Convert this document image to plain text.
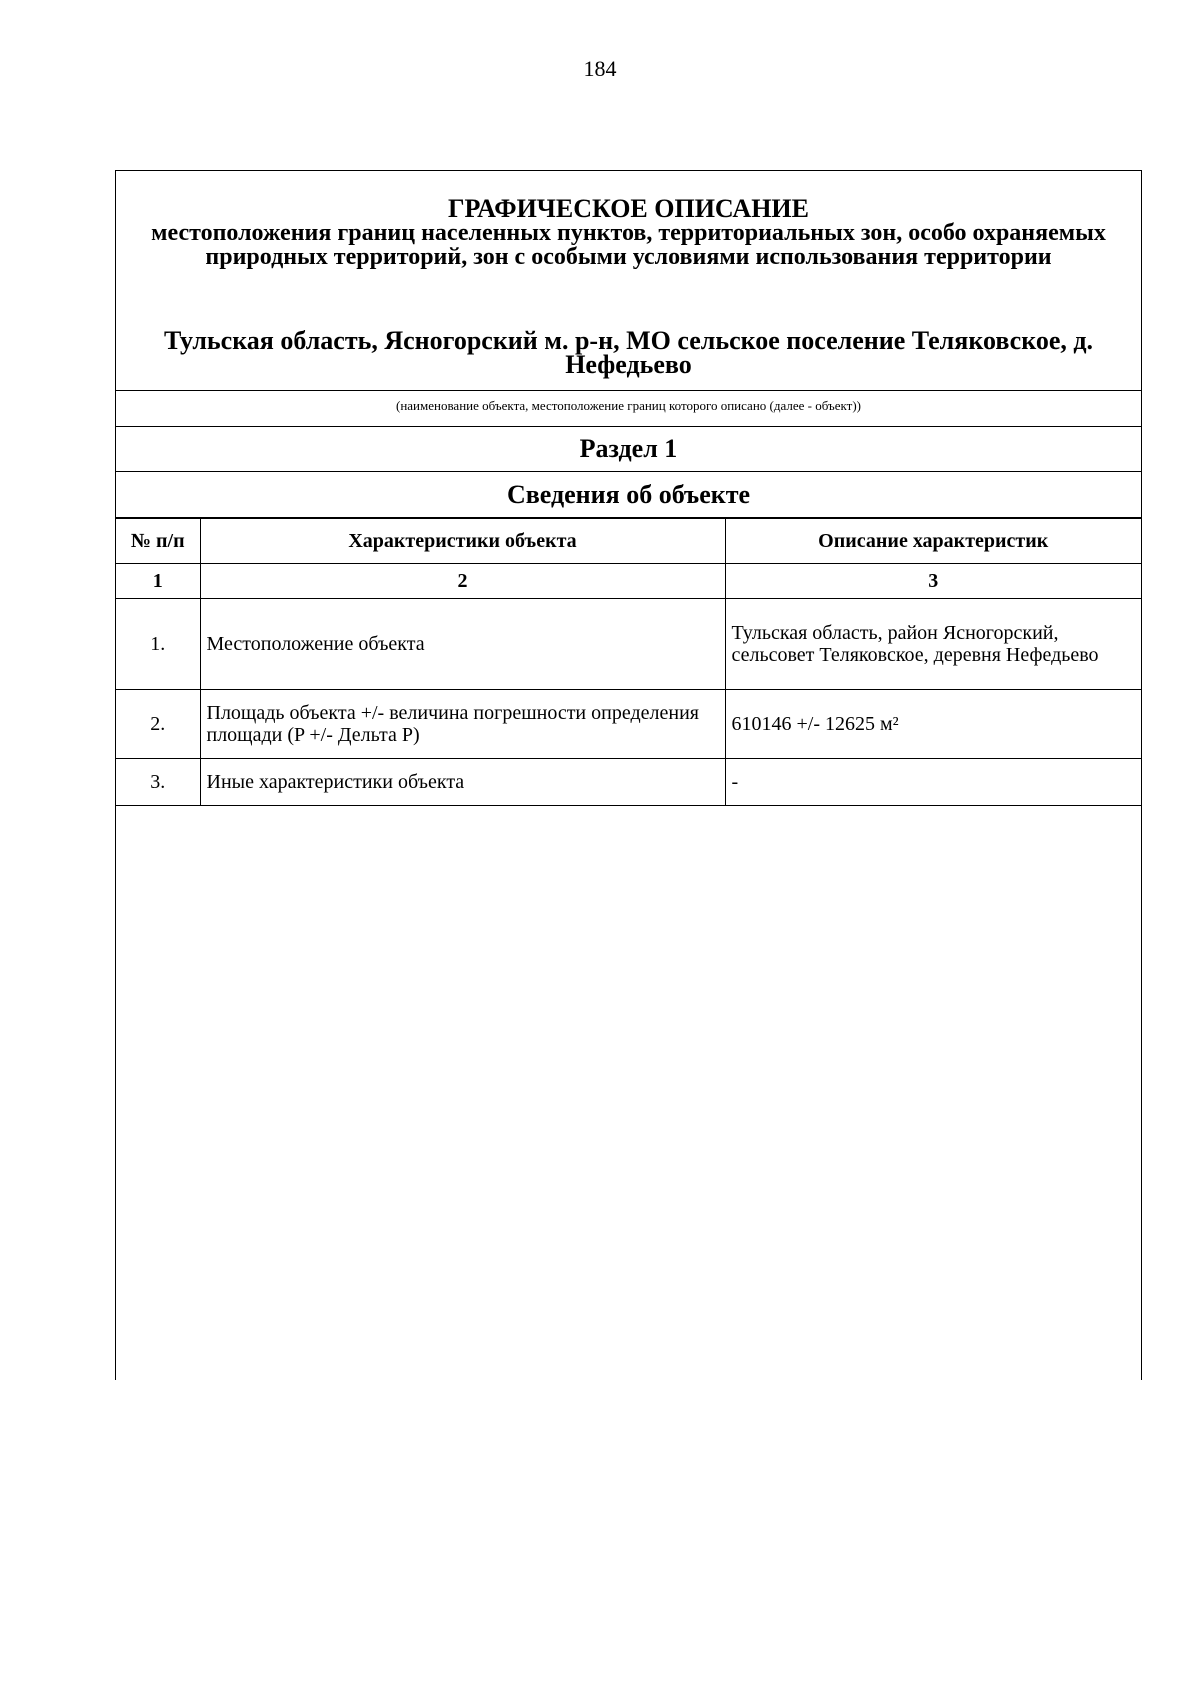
184
ГРАФИЧЕСКОЕ ОПИСАНИЕ
местоположения границ населенных пунктов, территориальных зон, особо охраняемых природных территорий, зон с особыми условиями использования территории
Тульская область, Ясногорский м. р-н, МО сельское поселение Теляковское, д. Нефедьево
(наименование объекта, местоположение границ которого описано (далее - объект))
Раздел 1
Сведения об объекте
№ п/п	Характеристики объекта	Описание характеристик
1	2	3
1.	Местоположение объекта	Тульская область, район Ясногорский, сельсовет Теляковское, деревня Нефедьево
2.	Площадь объекта +/- величина погрешности определения площади (P +/- Дельта P)	610146 +/- 12625 м²
3.	Иные характеристики объекта	-
